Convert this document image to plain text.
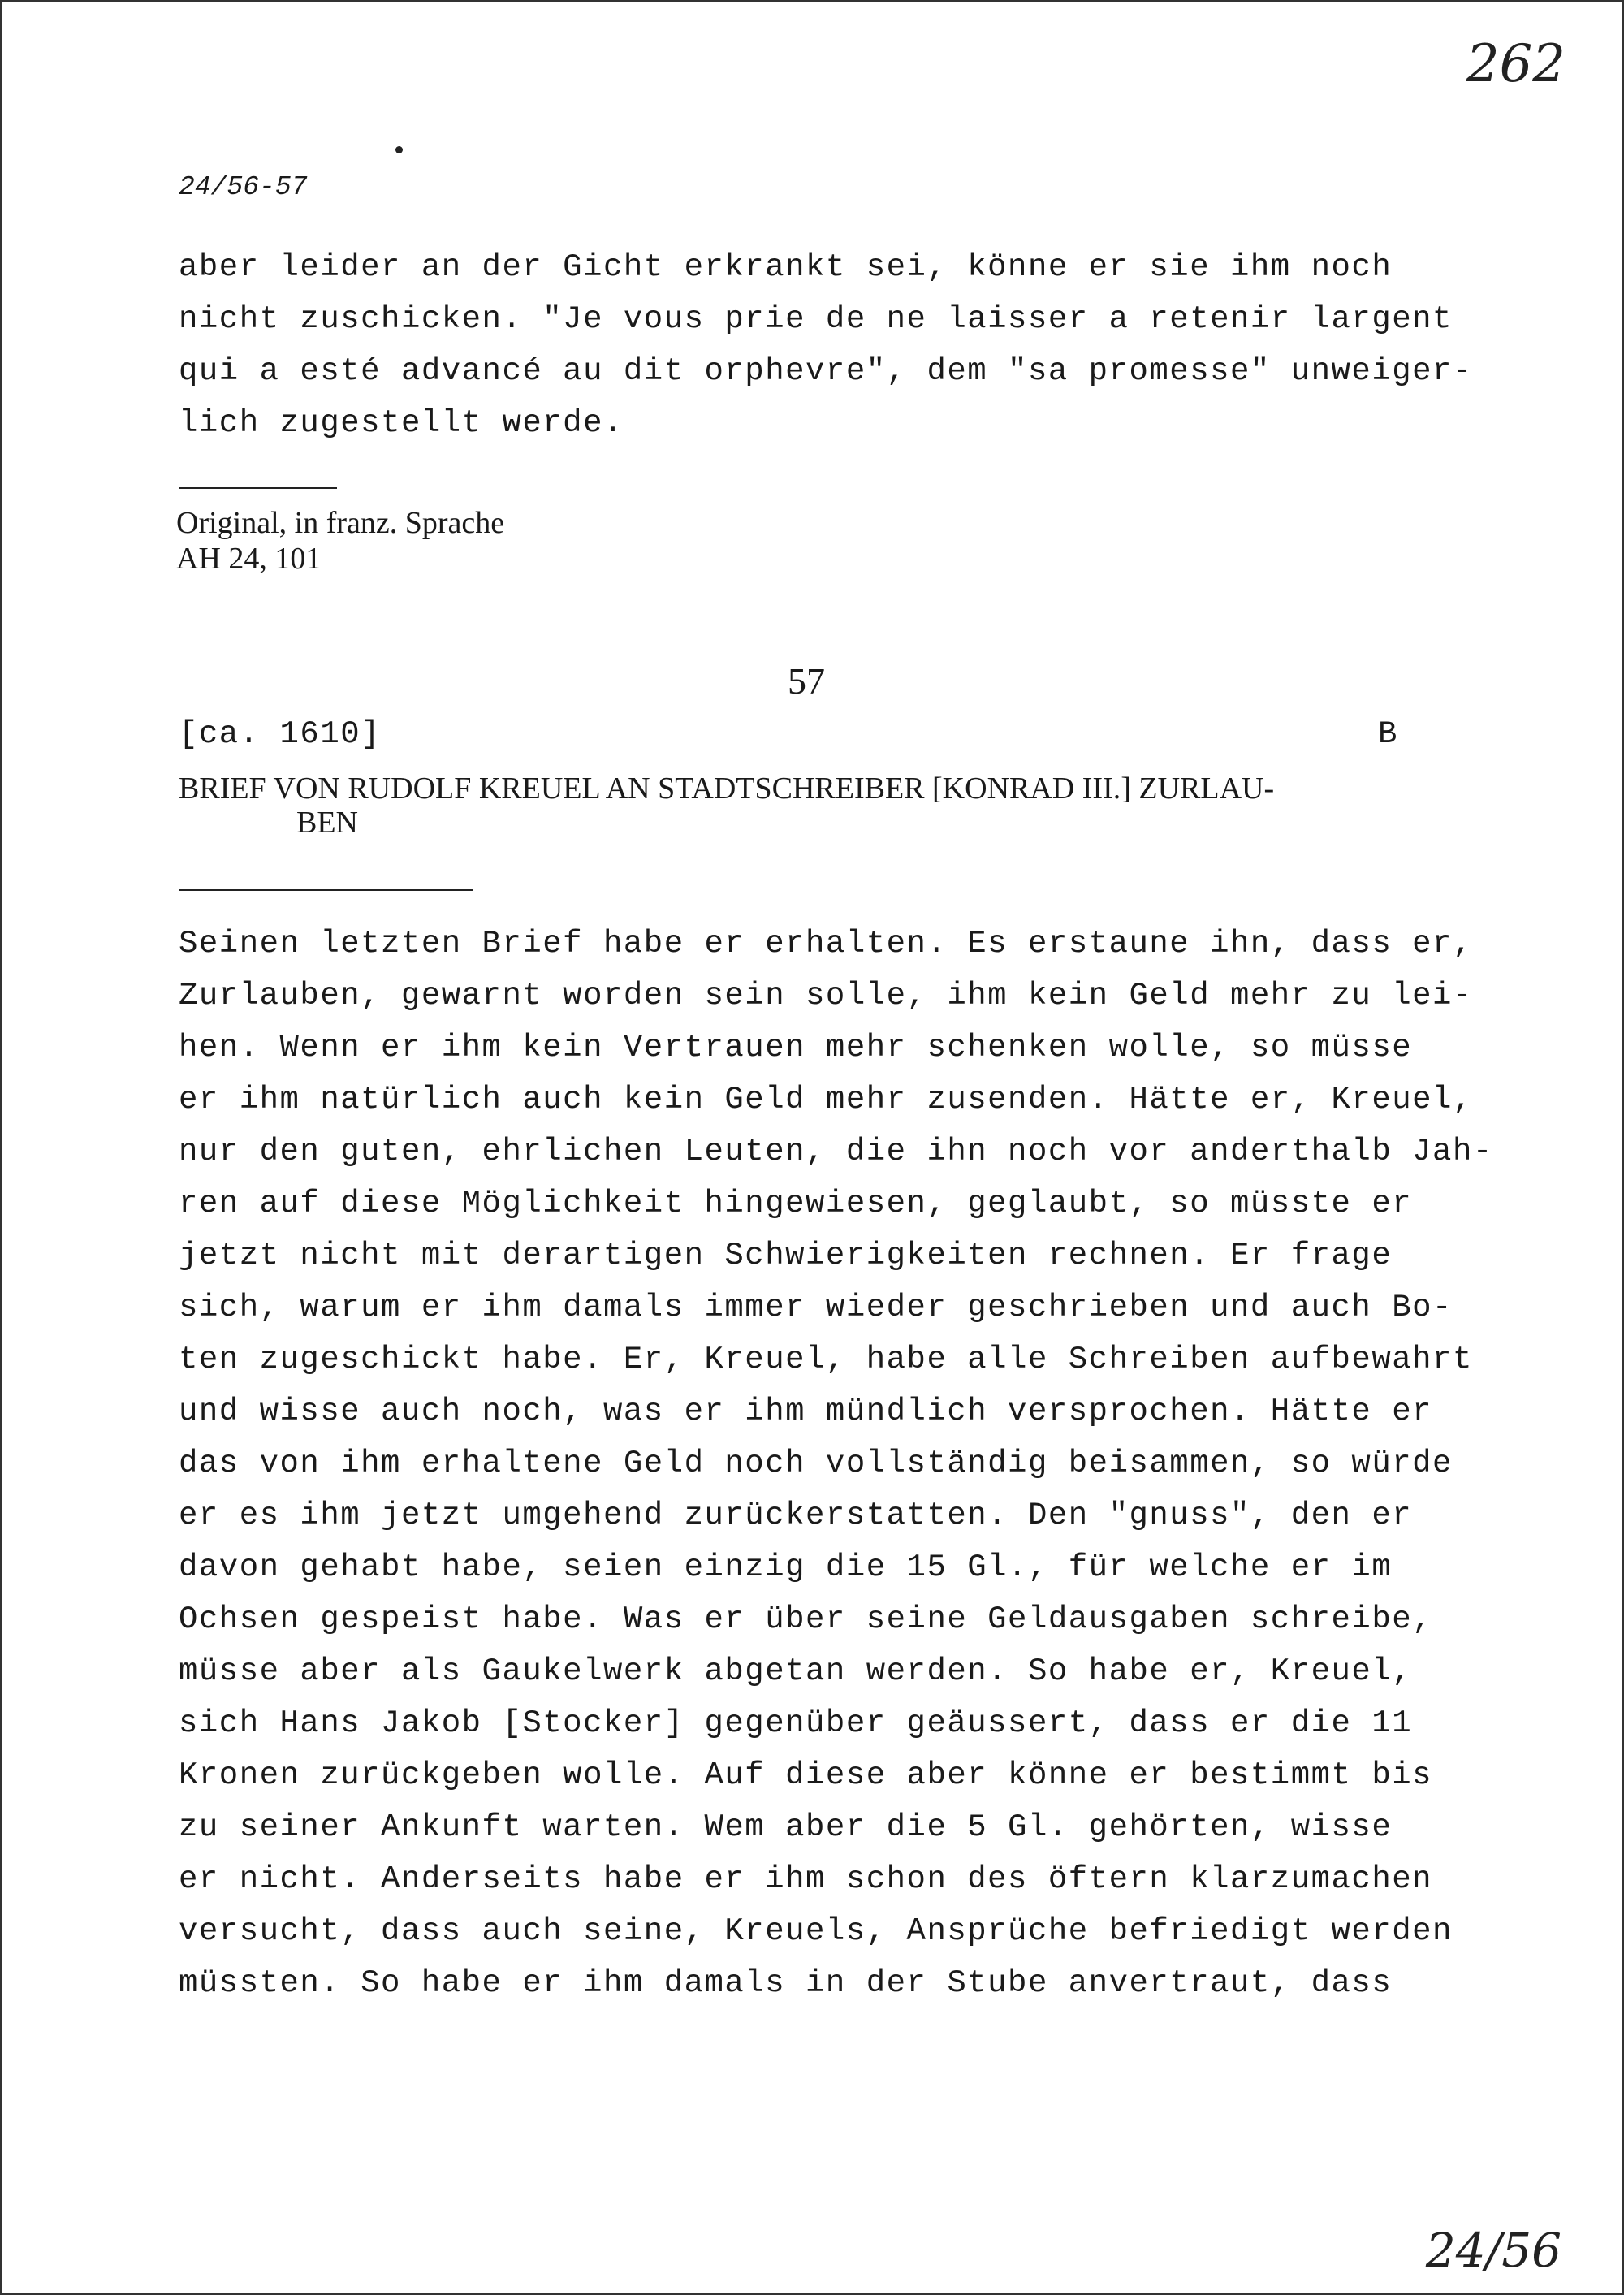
262
24/56-57
aber leider an der Gicht erkrankt sei, könne er sie ihm noch
nicht zuschicken. "Je vous prie de ne laisser a retenir largent
qui a esté advancé au dit orphevre", dem "sa promesse" unweiger-
lich zugestellt werde.
Original, in franz. Sprache
AH 24, 101
57
[ca. 1610]	B
BRIEF VON RUDOLF KREUEL AN STADTSCHREIBER [KONRAD III.] ZURLAU-
BEN
Seinen letzten Brief habe er erhalten. Es erstaune ihn, dass er,
Zurlauben, gewarnt worden sein solle, ihm kein Geld mehr zu lei-
hen. Wenn er ihm kein Vertrauen mehr schenken wolle, so müsse
er ihm natürlich auch kein Geld mehr zusenden. Hätte er, Kreuel,
nur den guten, ehrlichen Leuten, die ihn noch vor anderthalb Jah-
ren auf diese Möglichkeit hingewiesen, geglaubt, so müsste er
jetzt nicht mit derartigen Schwierigkeiten rechnen. Er frage
sich, warum er ihm damals immer wieder geschrieben und auch Bo-
ten zugeschickt habe. Er, Kreuel, habe alle Schreiben aufbewahrt
und wisse auch noch, was er ihm mündlich versprochen. Hätte er
das von ihm erhaltene Geld noch vollständig beisammen, so würde
er es ihm jetzt umgehend zurückerstatten. Den "gnuss", den er
davon gehabt habe, seien einzig die 15 Gl., für welche er im
Ochsen gespeist habe. Was er über seine Geldausgaben schreibe,
müsse aber als Gaukelwerk abgetan werden. So habe er, Kreuel,
sich Hans Jakob [Stocker] gegenüber geäussert, dass er die 11
Kronen zurückgeben wolle. Auf diese aber könne er bestimmt bis
zu seiner Ankunft warten. Wem aber die 5 Gl. gehörten, wisse
er nicht. Anderseits habe er ihm schon des öftern klarzumachen
versucht, dass auch seine, Kreuels, Ansprüche befriedigt werden
müssten. So habe er ihm damals in der Stube anvertraut, dass
24/56
